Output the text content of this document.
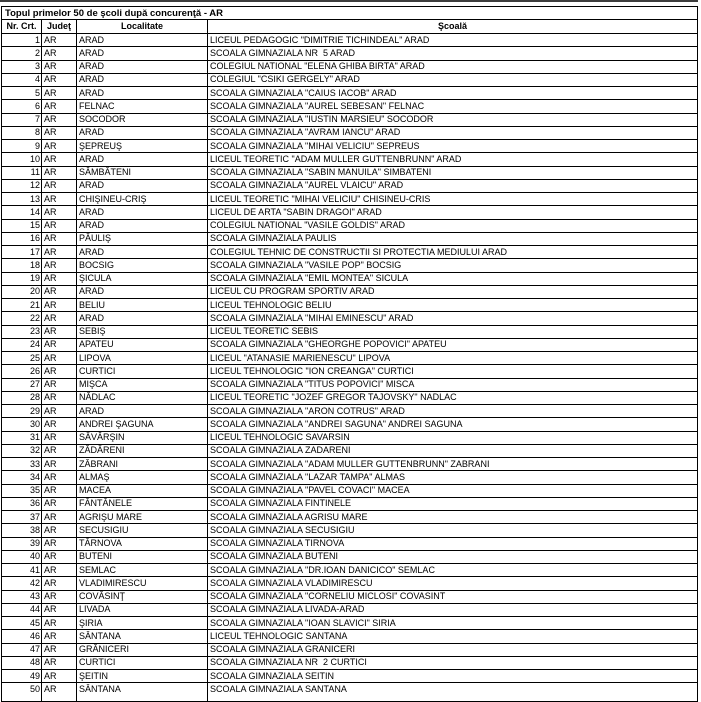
Topul primelor 50 de şcoli după concurenţă - AR
Nr. Crt.	Judeţ	Localitate	Şcoală
1 AR	ARAD	LICEUL PEDAGOGIC "DIMITRIE TICHINDEAL" ARAD
2 AR	ARAD	SCOALA GIMNAZIALA NR  5 ARAD
3 AR	ARAD	COLEGIUL NATIONAL "ELENA GHIBA BIRTA" ARAD
4 AR	ARAD	COLEGIUL "CSIKI GERGELY" ARAD
5 AR	ARAD	SCOALA GIMNAZIALA "CAIUS IACOB" ARAD
6 AR	FELNAC	SCOALA GIMNAZIALA "AUREL SEBESAN" FELNAC
7 AR	SOCODOR	SCOALA GIMNAZIALA "IUSTIN MARSIEU" SOCODOR
8 AR	ARAD	SCOALA GIMNAZIALA "AVRAM IANCU" ARAD
9 AR	ŞEPREUŞ	SCOALA GIMNAZIALA "MIHAI VELICIU" SEPREUS
10 AR	ARAD	LICEUL TEORETIC "ADAM MULLER GUTTENBRUNN" ARAD
11 AR	SÂMBĂTENI	SCOALA GIMNAZIALA "SABIN MANUILA" SIMBATENI
12 AR	ARAD	SCOALA GIMNAZIALA "AUREL VLAICU" ARAD
13 AR	CHIŞINEU-CRIŞ	LICEUL TEORETIC "MIHAI VELICIU" CHISINEU-CRIS
14 AR	ARAD	LICEUL DE ARTA "SABIN DRAGOI" ARAD
15 AR	ARAD	COLEGIUL NATIONAL "VASILE GOLDIS" ARAD
16 AR	PĂULIŞ	SCOALA GIMNAZIALA PAULIS
17 AR	ARAD	COLEGIUL TEHNIC DE CONSTRUCTII SI PROTECTIA MEDIULUI ARAD
18 AR	BOCSIG	SCOALA GIMNAZIALA "VASILE POP" BOCSIG
19 AR	ŞICULA	SCOALA GIMNAZIALA "EMIL MONTEA" SICULA
20 AR	ARAD	LICEUL CU PROGRAM SPORTIV ARAD
21 AR	BELIU	LICEUL TEHNOLOGIC BELIU
22 AR	ARAD	SCOALA GIMNAZIALA "MIHAI EMINESCU" ARAD
23 AR	SEBIŞ	LICEUL TEORETIC SEBIS
24 AR	APATEU	SCOALA GIMNAZIALA "GHEORGHE POPOVICI" APATEU
25 AR	LIPOVA	LICEUL "ATANASIE MARIENESCU" LIPOVA
26 AR	CURTICI	LICEUL TEHNOLOGIC "ION CREANGA" CURTICI
27 AR	MIŞCA	SCOALA GIMNAZIALA "TITUS POPOVICI" MISCA
28 AR	NĂDLAC	LICEUL TEORETIC "JOZEF GREGOR TAJOVSKY" NADLAC
29 AR	ARAD	SCOALA GIMNAZIALA "ARON COTRUS" ARAD
30 AR	ANDREI ŞAGUNA	SCOALA GIMNAZIALA "ANDREI SAGUNA" ANDREI SAGUNA
31 AR	SĂVÂRŞIN	LICEUL TEHNOLOGIC SAVARSIN
32 AR	ZĂDĂRENI	SCOALA GIMNAZIALA ZADARENI
33 AR	ZĂBRANI	SCOALA GIMNAZIALA "ADAM MULLER GUTTENBRUNN" ZABRANI
34 AR	ALMAŞ	SCOALA GIMNAZIALA "LAZAR TAMPA" ALMAS
35 AR	MACEA	SCOALA GIMNAZIALA "PAVEL COVACI" MACEA
36 AR	FÂNTÂNELE	SCOALA GIMNAZIALA FINTINELE
37 AR	AGRIŞU MARE	SCOALA GIMNAZIALA AGRISU MARE
38 AR	SECUSIGIU	SCOALA GIMNAZIALA SECUSIGIU
39 AR	TÂRNOVA	SCOALA GIMNAZIALA TIRNOVA
40 AR	BUTENI	SCOALA GIMNAZIALA BUTENI
41 AR	SEMLAC	SCOALA GIMNAZIALA "DR.IOAN DANICICO" SEMLAC
42 AR	VLADIMIRESCU	SCOALA GIMNAZIALA VLADIMIRESCU
43 AR	COVĂSINŢ	SCOALA GIMNAZIALA "CORNELIU MICLOSI" COVASINT
44 AR	LIVADA	SCOALA GIMNAZIALA LIVADA-ARAD
45 AR	ŞIRIA	SCOALA GIMNAZIALA "IOAN SLAVICI" SIRIA
46 AR	SÂNTANA	LICEUL TEHNOLOGIC SANTANA
47 AR	GRĂNICERI	SCOALA GIMNAZIALA GRANICERI
48 AR	CURTICI	SCOALA GIMNAZIALA NR  2 CURTICI
49 AR	ŞEITIN	SCOALA GIMNAZIALA SEITIN
50 AR	SÂNTANA	SCOALA GIMNAZIALA SANTANA
